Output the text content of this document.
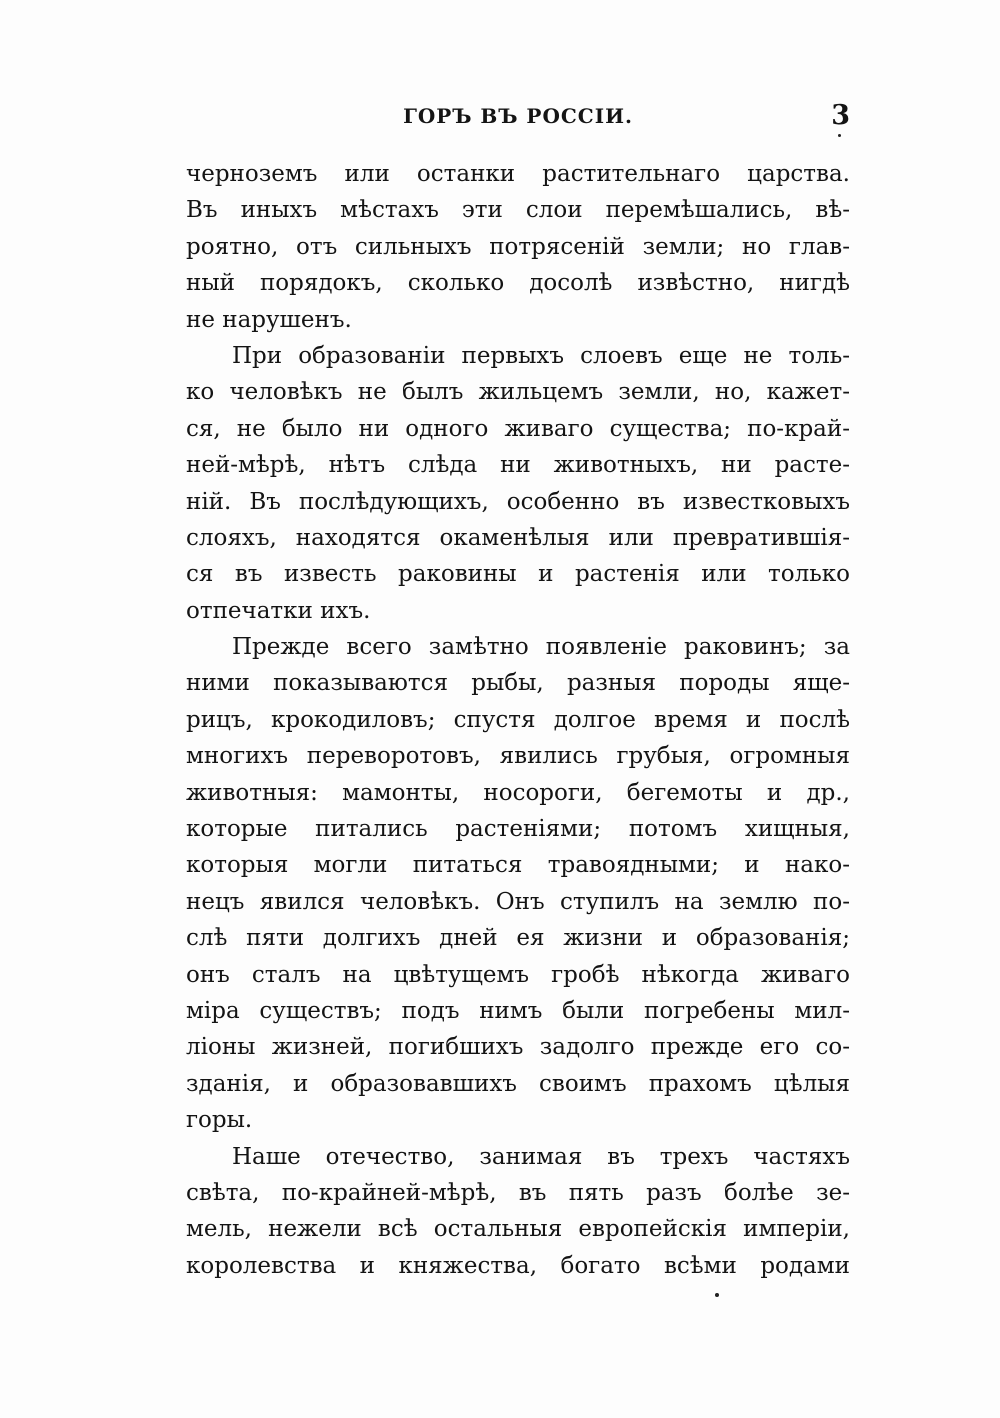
ГОРЪ ВЪ РОССІИ.	3
черноземъ или останки растительнаго царства.
Въ иныхъ мѣстахъ эти слои перемѣшались, вѣ-
роятно, отъ сильныхъ потрясеній земли; но глав-
ный порядокъ, сколько досолѣ извѣстно, нигдѣ
не нарушенъ.
При образованіи первыхъ слоевъ еще не толь-
ко человѣкъ не былъ жильцемъ земли, но, кажет-
ся, не было ни одного живаго существа; по-край-
ней-мѣрѣ, нѣтъ слѣда ни животныхъ, ни расте-
ній. Въ послѣдующихъ, особенно въ известковыхъ
слояхъ, находятся окаменѣлыя или превратившія-
ся въ известь раковины и растенія или только
отпечатки ихъ.
Прежде всего замѣтно появленіе раковинъ; за
ними показываются рыбы, разныя породы ящe-
рицъ, крокодиловъ; спустя долгое время и послѣ
многихъ переворотовъ, явились грубыя, огромныя
животныя: мамонты, носороги, бегемоты и др.,
которые питались растеніями; потомъ хищныя,
которыя могли питаться травоядными; и нако-
нецъ явился человѣкъ. Онъ ступилъ на землю по-
слѣ пяти долгихъ дней ея жизни и образованія;
онъ сталъ на цвѣтущемъ гробѣ нѣкогда живаго
міра существъ; подъ нимъ были погребены мил-
ліоны жизней, погибшихъ задолго прежде его со-
зданія, и образовавшихъ своимъ прахомъ цѣлыя
горы.
Наше отечество, занимая въ трехъ частяхъ
свѣта, по-крайней-мѣрѣ, въ пять разъ болѣе зе-
мель, нежели всѣ остальныя европейскія имперіи,
королевства и княжества, богато всѣми родами
